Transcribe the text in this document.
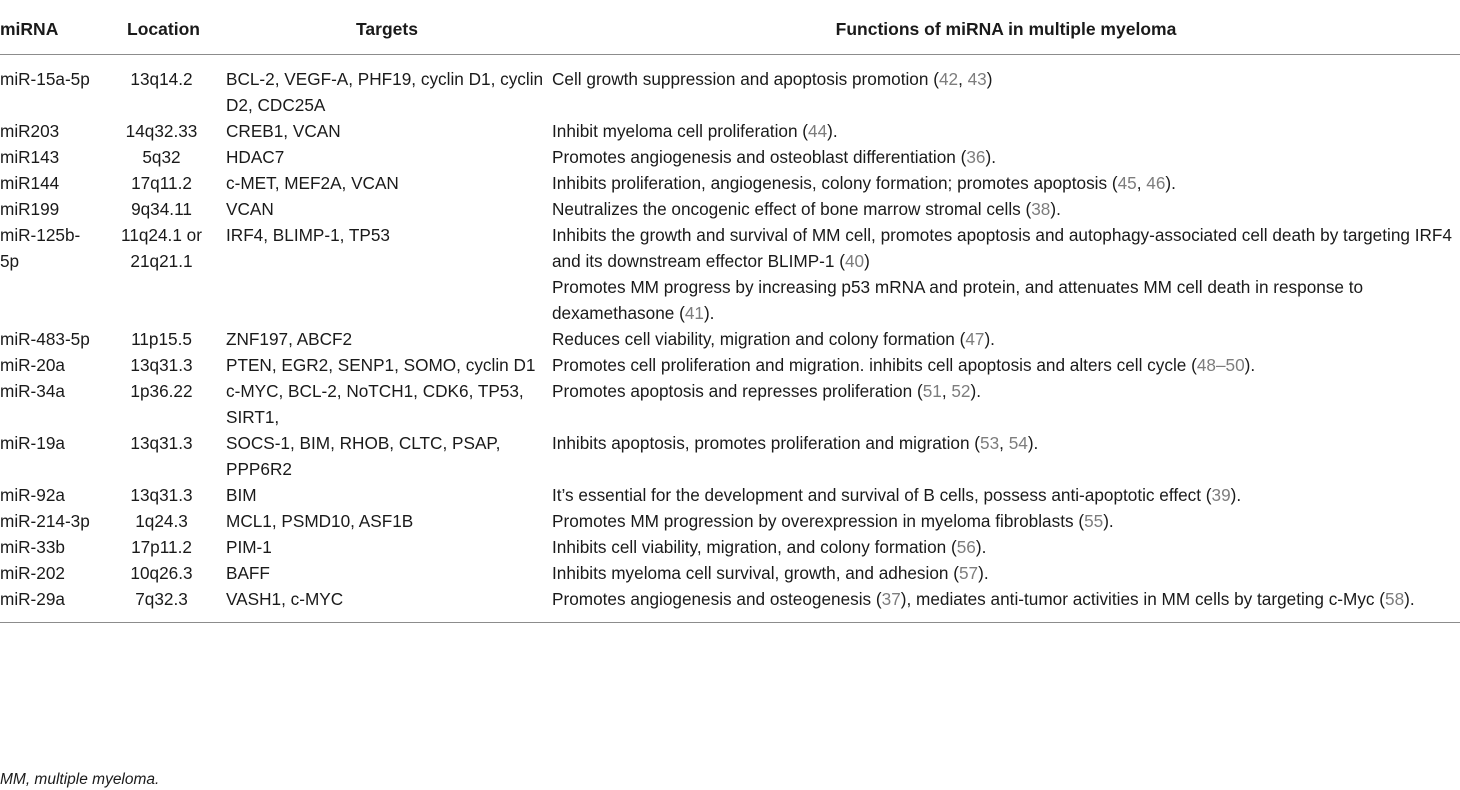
miRNA	Location	Targets	Functions of miRNA in multiple myeloma
miR-15a-5p	13q14.2	BCL-2, VEGF-A, PHF19, cyclin D1, cyclin D2, CDC25A	Cell growth suppression and apoptosis promotion (42, 43)

miR203	14q32.33	CREB1, VCAN	Inhibit myeloma cell proliferation (44).

miR143	5q32	HDAC7	Promotes angiogenesis and osteoblast differentiation (36).

miR144	17q11.2	c-MET, MEF2A, VCAN	Inhibits proliferation, angiogenesis, colony formation; promotes apoptosis (45, 46).

miR199	9q34.11	VCAN	Neutralizes the oncogenic effect of bone marrow stromal cells (38).

miR-125b-5p	11q24.1 or 21q21.1	IRF4, BLIMP-1, TP53	Inhibits the growth and survival of MM cell, promotes apoptosis and autophagy-associated cell death by targeting IRF4 and its downstream effector BLIMP-1 (40)
Promotes MM progress by increasing p53 mRNA and protein, and attenuates MM cell death in response to dexamethasone (41).

miR-483-5p	11p15.5	ZNF197, ABCF2	Reduces cell viability, migration and colony formation (47).

miR-20a	13q31.3	PTEN, EGR2, SENP1, SOMO, cyclin D1	Promotes cell proliferation and migration. inhibits cell apoptosis and alters cell cycle (48–50).

miR-34a	1p36.22	c-MYC, BCL-2, NoTCH1, CDK6, TP53, SIRT1,	Promotes apoptosis and represses proliferation (51, 52).

miR-19a	13q31.3	SOCS-1, BIM, RHOB, CLTC, PSAP, PPP6R2	Inhibits apoptosis, promotes proliferation and migration (53, 54).

miR-92a	13q31.3	BIM	It’s essential for the development and survival of B cells, possess anti-apoptotic effect (39).

miR-214-3p	1q24.3	MCL1, PSMD10, ASF1B	Promotes MM progression by overexpression in myeloma fibroblasts (55).

miR-33b	17p11.2	PIM-1	Inhibits cell viability, migration, and colony formation (56).

miR-202	10q26.3	BAFF	Inhibits myeloma cell survival, growth, and adhesion (57).

miR-29a	7q32.3	VASH1, c-MYC	Promotes angiogenesis and osteogenesis (37), mediates anti-tumor activities in MM cells by targeting c-Myc (58).
MM, multiple myeloma.
